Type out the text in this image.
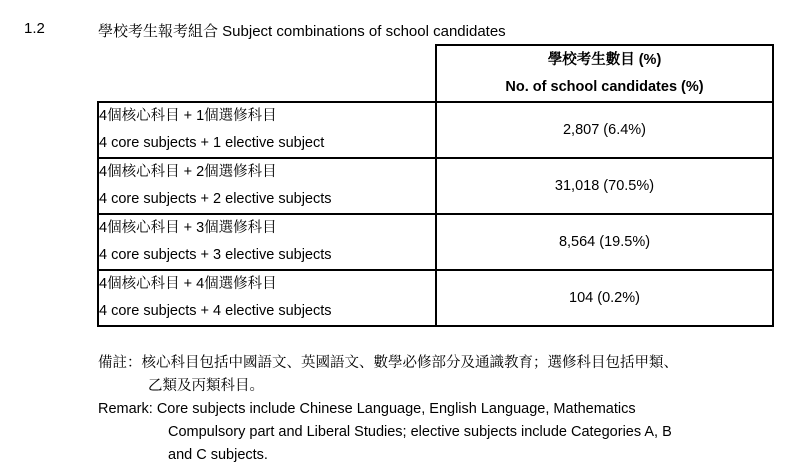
1.2	學校考生報考組合 Subject combinations of school candidates

	學校考生數目 (%)
No. of school candidates (%)

4個核心科目 + 1個選修科目
4 core subjects + 1 elective subject	2,807 (6.4%)

4個核心科目 + 2個選修科目
4 core subjects + 2 elective subjects	31,018 (70.5%)

4個核心科目 + 3個選修科目
4 core subjects + 3 elective subjects	8,564 (19.5%)

4個核心科目 + 4個選修科目
4 core subjects + 4 elective subjects	104 (0.2%)
備註：核心科目包括中國語文、英國語文、數學必修部分及通識教育；選修科目包括甲類、
乙類及丙類科目。
Remark: Core subjects include Chinese Language, English Language, Mathematics
Compulsory part and Liberal Studies; elective subjects include Categories A, B
and C subjects.
